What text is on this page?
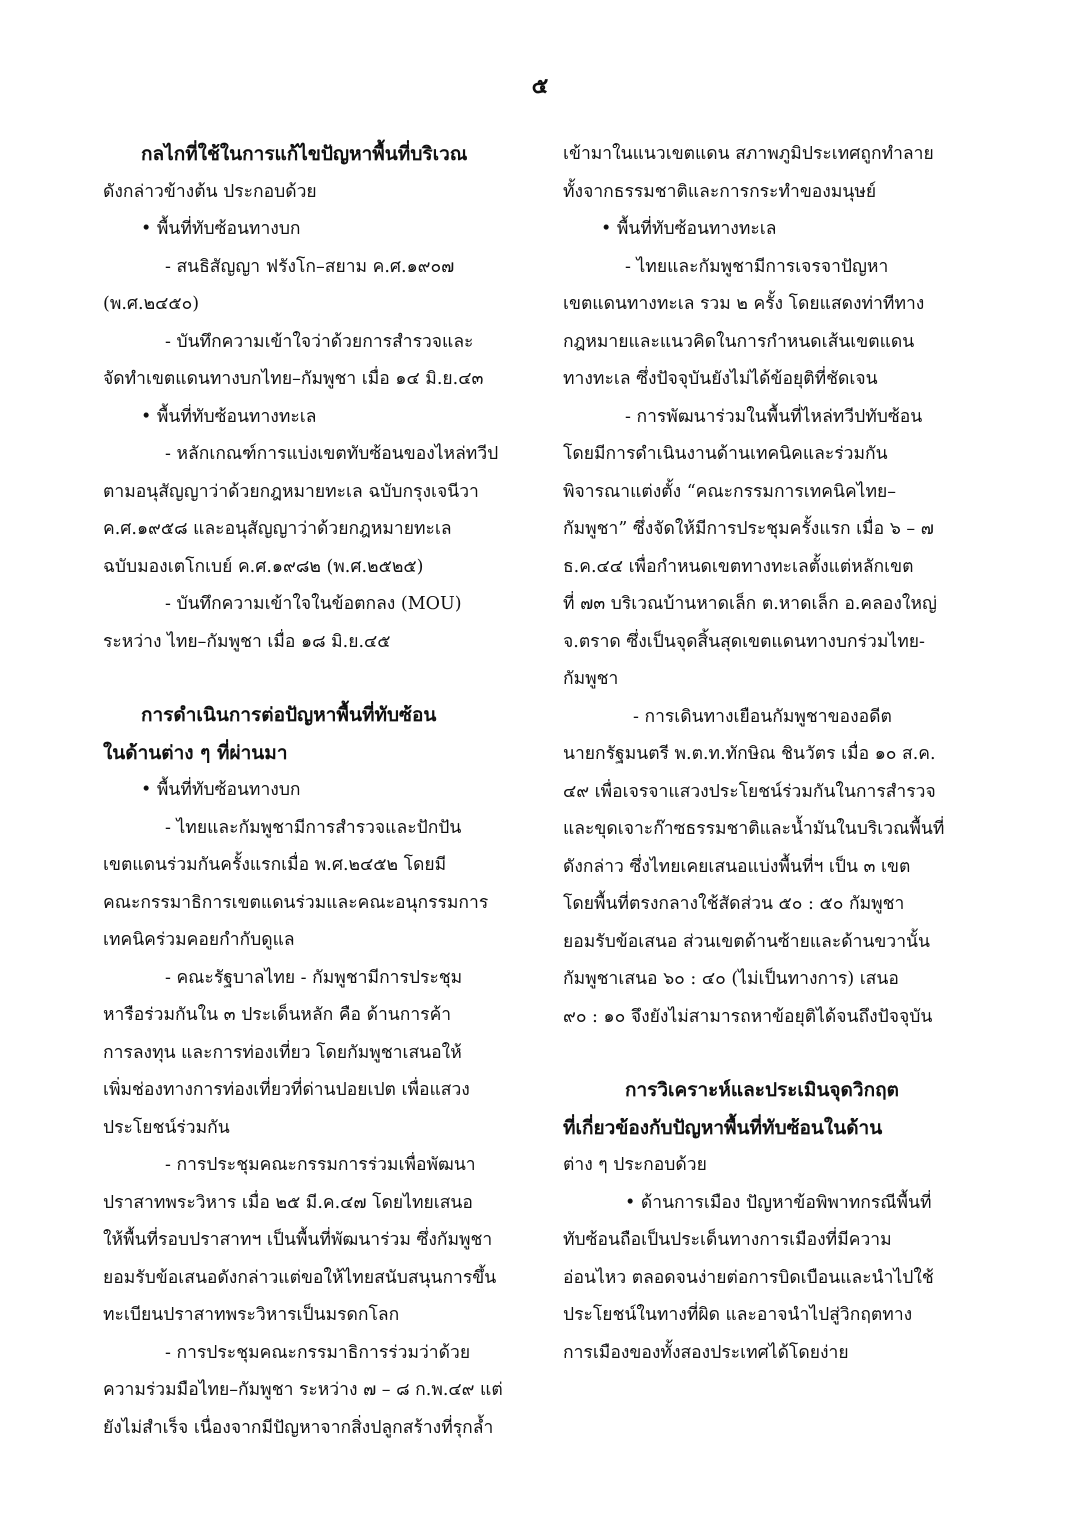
๕
กลไกที่ใช้ในการแก้ไขปัญหาพื้นที่บริเวณ
ดังกล่าวข้างต้น ประกอบด้วย
• พื้นที่ทับซ้อนทางบก
- สนธิสัญญา ฟรังโก–สยาม ค.ศ.๑๙๐๗
(พ.ศ.๒๔๕๐)
- บันทึกความเข้าใจว่าด้วยการสำรวจและ
จัดทำเขตแดนทางบกไทย–กัมพูชา เมื่อ ๑๔ มิ.ย.๔๓
• พื้นที่ทับซ้อนทางทะเล
- หลักเกณฑ์การแบ่งเขตทับซ้อนของไหล่ทวีป
ตามอนุสัญญาว่าด้วยกฎหมายทะเล ฉบับกรุงเจนีวา
ค.ศ.๑๙๕๘ และอนุสัญญาว่าด้วยกฎหมายทะเล
ฉบับมองเตโกเบย์ ค.ศ.๑๙๘๒ (พ.ศ.๒๕๒๕)
- บันทึกความเข้าใจในข้อตกลง (MOU)
ระหว่าง ไทย–กัมพูชา เมื่อ ๑๘ มิ.ย.๔๕
การดำเนินการต่อปัญหาพื้นที่ทับซ้อน
ในด้านต่าง ๆ ที่ผ่านมา
• พื้นที่ทับซ้อนทางบก
- ไทยและกัมพูชามีการสำรวจและปักปัน
เขตแดนร่วมกันครั้งแรกเมื่อ พ.ศ.๒๔๕๒ โดยมี
คณะกรรมาธิการเขตแดนร่วมและคณะอนุกรรมการ
เทคนิคร่วมคอยกำกับดูแล
- คณะรัฐบาลไทย - กัมพูชามีการประชุม
หารือร่วมกันใน ๓ ประเด็นหลัก คือ ด้านการค้า
การลงทุน และการท่องเที่ยว โดยกัมพูชาเสนอให้
เพิ่มช่องทางการท่องเที่ยวที่ด่านปอยเปต เพื่อแสวง
ประโยชน์ร่วมกัน
- การประชุมคณะกรรมการร่วมเพื่อพัฒนา
ปราสาทพระวิหาร เมื่อ ๒๕ มี.ค.๔๗ โดยไทยเสนอ
ให้พื้นที่รอบปราสาทฯ เป็นพื้นที่พัฒนาร่วม ซึ่งกัมพูชา
ยอมรับข้อเสนอดังกล่าวแต่ขอให้ไทยสนับสนุนการขึ้น
ทะเบียนปราสาทพระวิหารเป็นมรดกโลก
- การประชุมคณะกรรมาธิการร่วมว่าด้วย
ความร่วมมือไทย–กัมพูชา ระหว่าง ๗ – ๘ ก.พ.๔๙ แต่
ยังไม่สำเร็จ เนื่องจากมีปัญหาจากสิ่งปลูกสร้างที่รุกล้ำ
เข้ามาในแนวเขตแดน สภาพภูมิประเทศถูกทำลาย
ทั้งจากธรรมชาติและการกระทำของมนุษย์
• พื้นที่ทับซ้อนทางทะเล
- ไทยและกัมพูชามีการเจรจาปัญหา
เขตแดนทางทะเล รวม ๒ ครั้ง โดยแสดงท่าทีทาง
กฎหมายและแนวคิดในการกำหนดเส้นเขตแดน
ทางทะเล ซึ่งปัจจุบันยังไม่ได้ข้อยุติที่ชัดเจน
- การพัฒนาร่วมในพื้นที่ไหล่ทวีปทับซ้อน
โดยมีการดำเนินงานด้านเทคนิคและร่วมกัน
พิจารณาแต่งตั้ง “คณะกรรมการเทคนิคไทย–
กัมพูชา” ซึ่งจัดให้มีการประชุมครั้งแรก เมื่อ ๖ – ๗
ธ.ค.๔๔ เพื่อกำหนดเขตทางทะเลตั้งแต่หลักเขต
ที่ ๗๓ บริเวณบ้านหาดเล็ก ต.หาดเล็ก อ.คลองใหญ่
จ.ตราด ซึ่งเป็นจุดสิ้นสุดเขตแดนทางบกร่วมไทย-
กัมพูชา
- การเดินทางเยือนกัมพูชาของอดีต
นายกรัฐมนตรี พ.ต.ท.ทักษิณ ชินวัตร เมื่อ ๑๐ ส.ค.
๔๙ เพื่อเจรจาแสวงประโยชน์ร่วมกันในการสำรวจ
และขุดเจาะก๊าซธรรมชาติและน้ำมันในบริเวณพื้นที่
ดังกล่าว ซึ่งไทยเคยเสนอแบ่งพื้นที่ฯ เป็น ๓ เขต
โดยพื้นที่ตรงกลางใช้สัดส่วน ๕๐ : ๕๐ กัมพูชา
ยอมรับข้อเสนอ ส่วนเขตด้านซ้ายและด้านขวานั้น
กัมพูชาเสนอ ๖๐ : ๔๐ (ไม่เป็นทางการ) เสนอ
๙๐ : ๑๐ จึงยังไม่สามารถหาข้อยุติได้จนถึงปัจจุบัน
การวิเคราะห์และประเมินจุดวิกฤต
ที่เกี่ยวข้องกับปัญหาพื้นที่ทับซ้อนในด้าน
ต่าง ๆ ประกอบด้วย
• ด้านการเมือง ปัญหาข้อพิพาทกรณีพื้นที่
ทับซ้อนถือเป็นประเด็นทางการเมืองที่มีความ
อ่อนไหว ตลอดจนง่ายต่อการบิดเบือนและนำไปใช้
ประโยชน์ในทางที่ผิด และอาจนำไปสู่วิกฤตทาง
การเมืองของทั้งสองประเทศได้โดยง่าย
